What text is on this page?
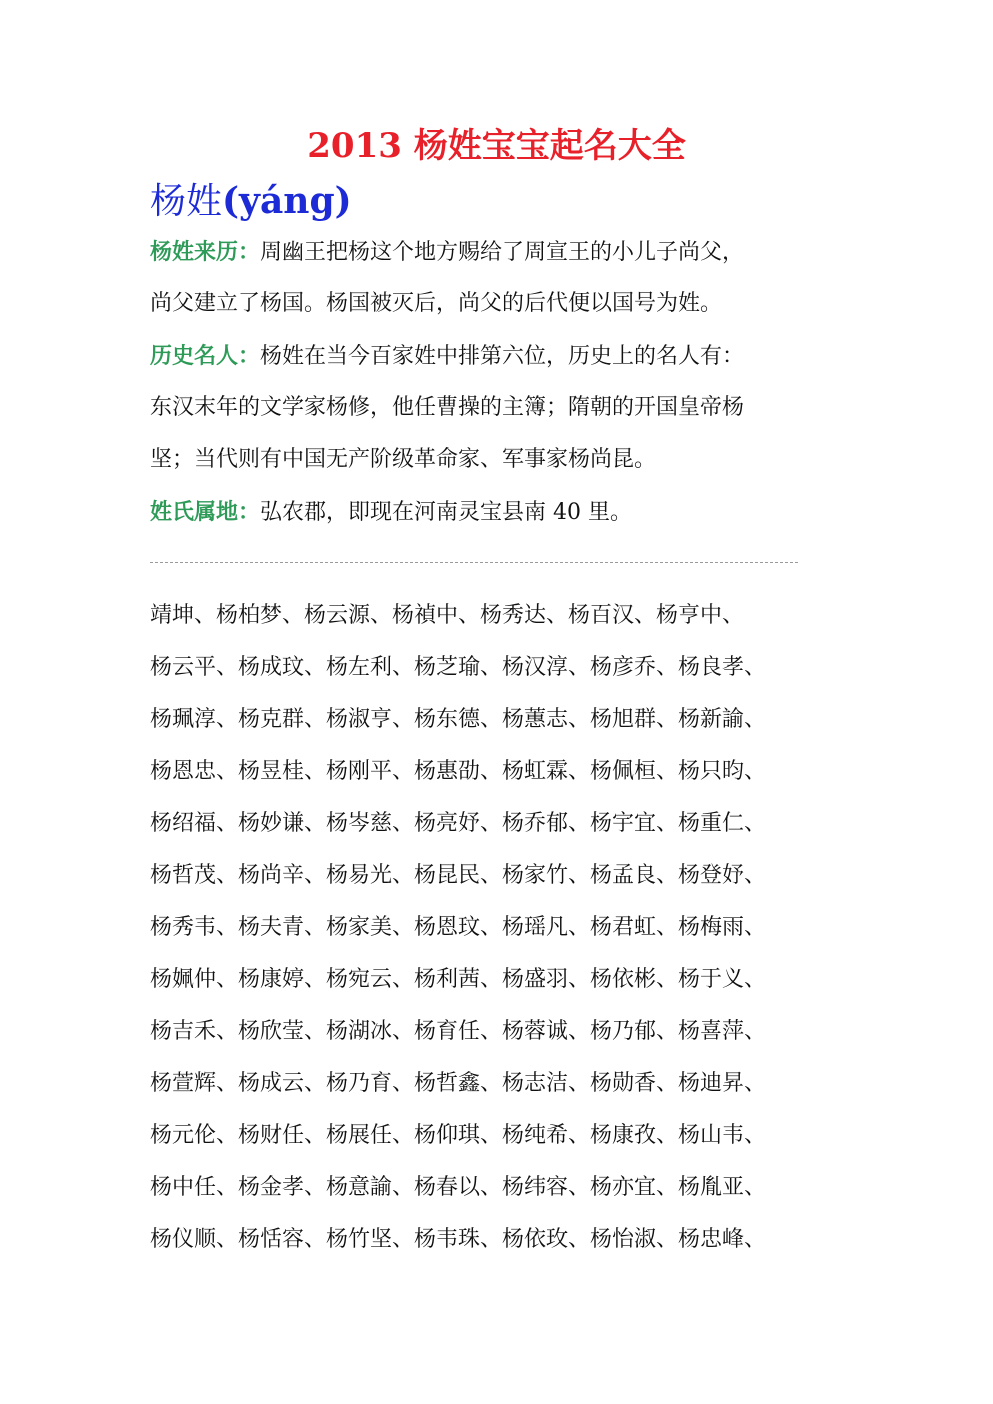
2013 杨姓宝宝起名大全
杨姓(yáng)
杨姓来历：周幽王把杨这个地方赐给了周宣王的小儿子尚父，
尚父建立了杨国。杨国被灭后，尚父的后代便以国号为姓。
历史名人：杨姓在当今百家姓中排第六位，历史上的名人有：
东汉末年的文学家杨修，他任曹操的主簿；隋朝的开国皇帝杨
坚；当代则有中国无产阶级革命家、军事家杨尚昆。
姓氏属地：弘农郡，即现在河南灵宝县南 40 里。
靖坤、杨柏梦、杨云源、杨禎中、杨秀达、杨百汉、杨亨中、
杨云平、杨成玟、杨左利、杨芝瑜、杨汉淳、杨彦乔、杨良孝、
杨珮淳、杨克群、杨淑亨、杨东德、杨蕙志、杨旭群、杨新諭、
杨恩忠、杨昱桂、杨刚平、杨惠劭、杨虹霖、杨佩桓、杨只昀、
杨绍福、杨妙谦、杨岑慈、杨亮妤、杨乔郁、杨宇宜、杨重仁、
杨哲茂、杨尚辛、杨易光、杨昆民、杨家竹、杨孟良、杨登妤、
杨秀韦、杨夫青、杨家美、杨恩玟、杨瑶凡、杨君虹、杨梅雨、
杨姵仲、杨康婷、杨宛云、杨利茜、杨盛羽、杨依彬、杨于义、
杨吉禾、杨欣莹、杨湖冰、杨育任、杨蓉诚、杨乃郁、杨喜萍、
杨萱辉、杨成云、杨乃育、杨哲鑫、杨志洁、杨勋香、杨迪昇、
杨元伦、杨财任、杨展任、杨仰琪、杨纯希、杨康孜、杨山韦、
杨中任、杨金孝、杨意諭、杨春以、杨纬容、杨亦宜、杨胤亚、
杨仪顺、杨恬容、杨竹坚、杨韦珠、杨依玫、杨怡淑、杨忠峰、
